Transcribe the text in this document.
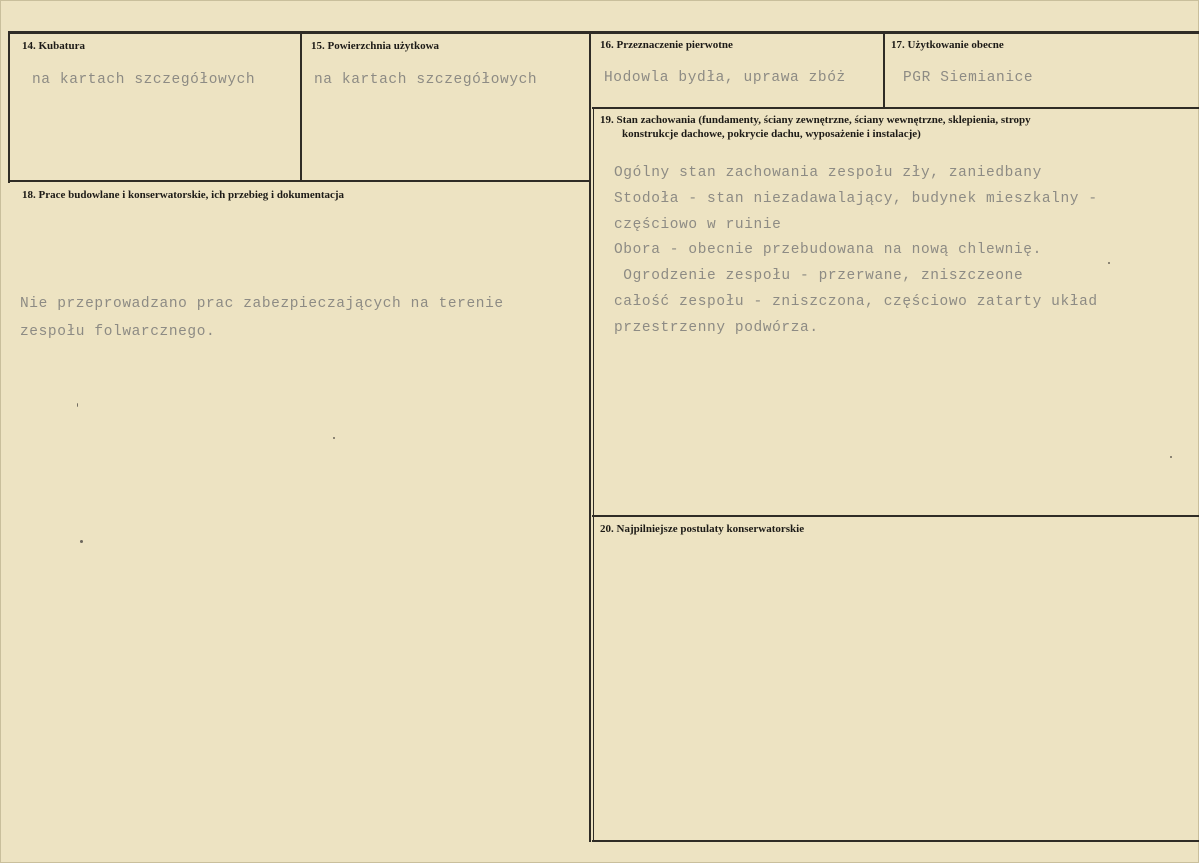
14. Kubatura
na kartach szczegółowych
15. Powierzchnia użytkowa
na kartach szczegółowych
16. Przeznaczenie pierwotne
Hodowla bydła, uprawa zbóż
17. Użytkowanie obecne
PGR Siemianice
18. Prace budowlane i konserwatorskie, ich przebieg i dokumentacja
Nie przeprowadzano prac zabezpieczających na terenie
zespołu folwarcznego.
19. Stan zachowania (fundamenty, ściany zewnętrzne, ściany wewnętrzne, sklepienia, stropy
konstrukcje dachowe, pokrycie dachu, wyposażenie i instalacje)
Ogólny stan zachowania zespołu zły, zaniedbany
Stodoła - stan niezadawalający, budynek mieszkalny -
częściowo w ruinie
Obora - obecnie przebudowana na nową chlewnię.
Ogrodzenie zespołu - przerwane, zniszczeone
całość zespołu - zniszczona, częściowo zatarty układ
przestrzenny podwórza.
20. Najpilniejsze postulaty konserwatorskie
